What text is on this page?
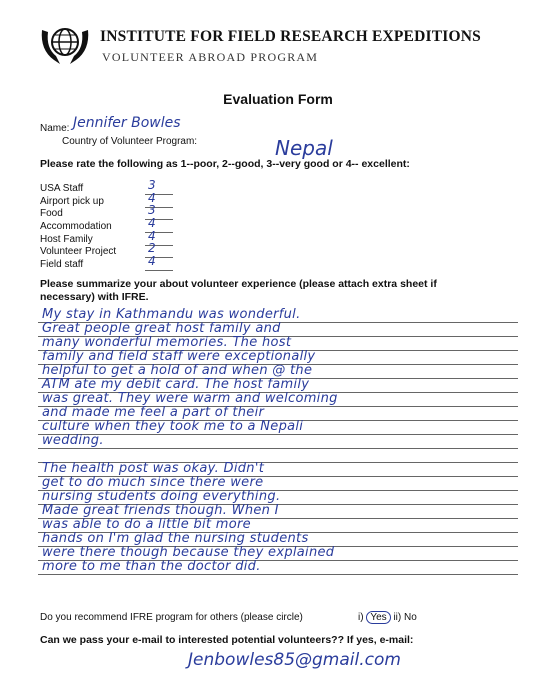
INSTITUTE FOR FIELD RESEARCH EXPEDITIONS
VOLUNTEER ABROAD PROGRAM
Evaluation Form
Name: Jennifer Bowles
Country of Volunteer Program:	Nepal
Please rate the following as 1--poor, 2--good, 3--very good or 4-- excellent:
USA Staff	3
Airport pick up	4
Food	3
Accommodation	4
Host Family	4
Volunteer Project	2
Field staff	4
Please summarize your about volunteer experience (please attach extra sheet if
necessary) with IFRE.
My stay in Kathmandu was wonderful.
Great people great host family and
many wonderful memories. The host
family and field staff were exceptionally
helpful to get a hold of and when @ the
ATM ate my debit card. The host family
was great. They were warm and welcoming
and made me feel a part of their
culture when they took me to a Nepali
wedding.
The health post was okay. Didn't
get to do much since there were
nursing students doing everything.
Made great friends though. When I
was able to do a little bit more
hands on I'm glad the nursing students
were there though because they explained
more to me than the doctor did.
Do you recommend IFRE program for others (please circle)	i) Yes ii) No
Can we pass your e-mail to interested potential volunteers?? If yes, e-mail:
Jenbowles85@gmail.com
